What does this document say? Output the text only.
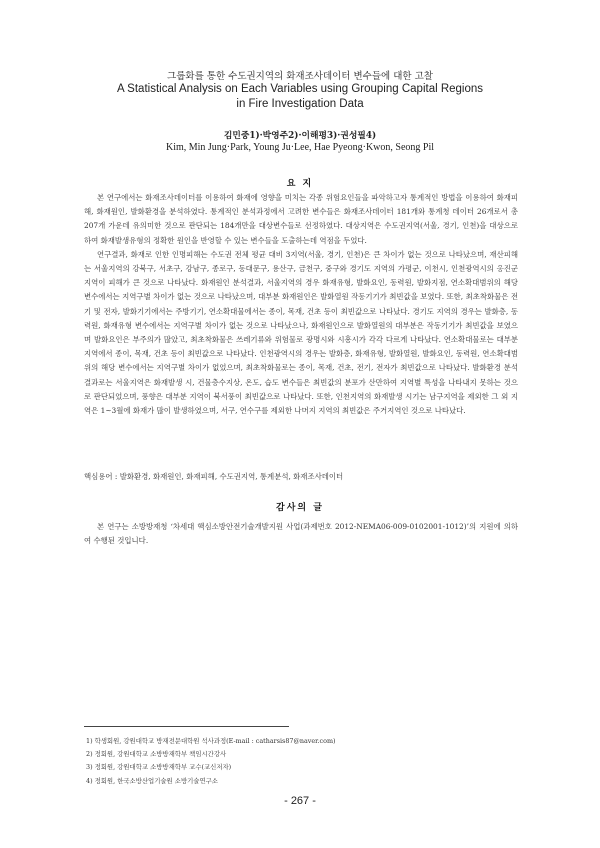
그룹화를 통한 수도권지역의 화재조사데이터 변수들에 대한 고찰
A Statistical Analysis on Each Variables using Grouping Capital Regions
in Fire Investigation Data
김민중1)·박영주2)·이해평3)·권성필4)
Kim, Min Jung·Park, Young Ju·Lee, Hae Pyeong·Kwon, Seong Pil
요 지

본 연구에서는 화재조사데이터를 이용하여 화재에 영향을 미치는 각종 위험요인들을 파악하고자 통계적인 방법을 이용하여 화재피해, 화재원인, 발화환경을 분석하였다. 통계적인 분석과정에서 고려한 변수들은 화재조사데이터 181개와 통계청 데이터 26개로서 총 207개 가운데 유의미한 것으로 판단되는 184개만을 대상변수들로 선정하였다. 대상지역은 수도권지역(서울, 경기, 인천)을 대상으로 하여 화재발생유형의 정확한 원인을 반영할 수 있는 변수들을 도출하는데 역점을 두었다.

연구결과, 화재로 인한 인명피해는 수도권 전체 평균 대비 3지역(서울, 경기, 인천)은 큰 차이가 없는 것으로 나타났으며, 재산피해는 서울지역의 강북구, 서초구, 강남구, 종로구, 동대문구, 용산구, 금천구, 중구와 경기도 지역의 가평군, 이천시, 인천광역시의 옹진군 지역이 피해가 큰 것으로 나타났다. 화재원인 분석결과, 서울지역의 경우 화재유형, 발화요인, 동력원, 발화지점, 연소확대범위의 해당 변수에서는 지역구별 차이가 없는 것으로 나타났으며, 대부분 화재원인은 발화열원 작동기기가 최빈값을 보였다. 또한, 최초착화물은 전기 및 전자, 발화기기에서는 주방기기, 연소확대물에서는 종이, 목재, 건초 등이 최빈값으로 나타났다. 경기도 지역의 경우는 발화층, 동력원, 화재유형 변수에서는 지역구별 차이가 없는 것으로 나타났으나, 화재원인으로 발화열원의 대부분은 작동기기가 최빈값을 보였으며 발화요인은 부주의가 많았고, 최초착화물은 쓰레기류와 위험물로 광명시와 시흥시가 각각 다르게 나타났다. 연소확대물로는 대부분 지역에서 종이, 목재, 건초 등이 최빈값으로 나타났다. 인천광역시의 경우는 발화층, 화재유형, 발화열원, 발화요인, 동력원, 연소확대범위의 해당 변수에서는 지역구별 차이가 없었으며, 최초착화물로는 종이, 목재, 건초, 전기, 전자가 최빈값으로 나타났다. 발화환경 분석결과로는 서울지역은 화재발생 시, 건물층수지상, 온도, 습도 변수들은 최빈값의 분포가 산만하여 지역별 특성을 나타내지 못하는 것으로 판단되었으며, 풍향은 대부분 지역이 북서풍이 최빈값으로 나타났다. 또한, 인천지역의 화재발생 시기는 남구지역을 제외한 그 외 지역은 1~3월에 화재가 많이 발생하였으며, 서구, 연수구를 제외한 나머지 지역의 최빈값은 주거지역인 것으로 나타났다.

핵심용어 : 발화환경, 화재원인, 화재피해, 수도권지역, 통계분석, 화재조사데이터
감사의 글

본 연구는 소방방재청 ‘차세대 핵심소방안전기술개발지원 사업(과제번호 2012-NEMA06-009-0102001-1012)’의 지원에 의하여 수행된 것입니다.

1) 학생회원, 강원대학교 방재전문대학원 석사과정(E-mail : catharsis87@naver.com)
2) 정회원, 강원대학교 소방방재학부 책임시간강사
3) 정회원, 강원대학교 소방방재학부 교수(교신저자)
4) 정회원, 한국소방산업기술원 소방기술연구소
- 267 -
